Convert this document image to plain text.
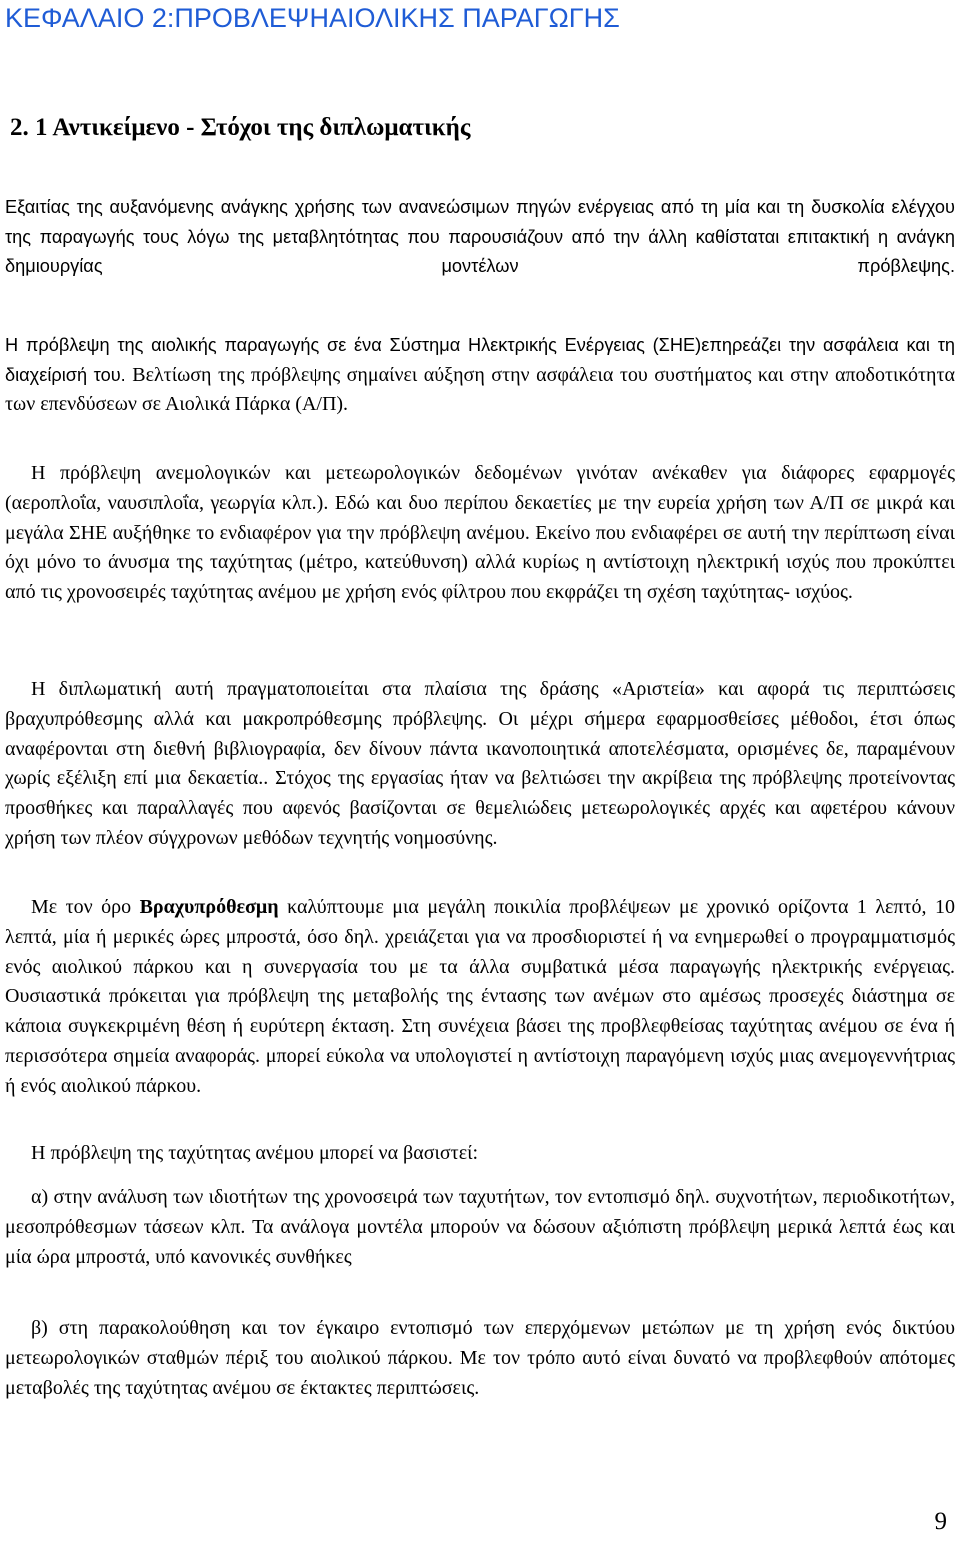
ΚΕΦΑΛΑΙΟ 2:ΠΡΟΒΛΕΨΗΑΙΟΛΙΚΗΣ ΠΑΡΑΓΩΓΗΣ
2. 1 Αντικείμενο - Στόχοι της διπλωματικής

Εξαιτίας της αυξανόμενης ανάγκης χρήσης των ανανεώσιμων πηγών ενέργειας από τη μία και τη δυσκολία ελέγχου της παραγωγής τους λόγω της μεταβλητότητας που παρουσιάζουν από την άλλη καθίσταται επιτακτική η ανάγκη δημιουργίας μοντέλων πρόβλεψης.

Η πρόβλεψη της αιολικής παραγωγής σε ένα Σύστημα Ηλεκτρικής Ενέργειας (ΣΗΕ)επηρεάζει την ασφάλεια και τη διαχείρισή του. Βελτίωση της πρόβλεψης σημαίνει αύξηση στην ασφάλεια του συστήματος και στην αποδοτικότητα των επενδύσεων σε Αιολικά Πάρκα (Α/Π).

Η πρόβλεψη ανεμολογικών και μετεωρολογικών δεδομένων γινόταν ανέκαθεν για διάφορες εφαρμογές (αεροπλοΐα, ναυσιπλοΐα, γεωργία κλπ.). Εδώ και δυο περίπου δεκαετίες με την ευρεία χρήση των Α/Π σε μικρά και μεγάλα ΣΗΕ αυξήθηκε το ενδιαφέρον για την πρόβλεψη ανέμου. Εκείνο που ενδιαφέρει σε αυτή την περίπτωση είναι όχι μόνο το άνυσμα της ταχύτητας (μέτρο, κατεύθυνση) αλλά κυρίως η αντίστοιχη ηλεκτρική ισχύς που προκύπτει από τις χρονοσειρές ταχύτητας ανέμου με χρήση ενός φίλτρου που εκφράζει τη σχέση ταχύτητας- ισχύος.

Η διπλωματική αυτή πραγματοποιείται στα πλαίσια της δράσης «Αριστεία» και αφορά τις περιπτώσεις βραχυπρόθεσμης αλλά και μακροπρόθεσμης πρόβλεψης. Οι μέχρι σήμερα εφαρμοσθείσες μέθοδοι, έτσι όπως αναφέρονται στη διεθνή βιβλιογραφία, δεν δίνουν πάντα ικανοποιητικά αποτελέσματα, ορισμένες δε, παραμένουν χωρίς εξέλιξη επί μια δεκαετία.. Στόχος της εργασίας ήταν να βελτιώσει την ακρίβεια της πρόβλεψης προτείνοντας προσθήκες και παραλλαγές που αφενός βασίζονται σε θεμελιώδεις μετεωρολογικές αρχές και αφετέρου κάνουν χρήση των πλέον σύγχρονων μεθόδων τεχνητής νοημοσύνης.

Με τον όρο Βραχυπρόθεσμη καλύπτουμε μια μεγάλη ποικιλία προβλέψεων με χρονικό ορίζοντα 1 λεπτό, 10 λεπτά, μία ή μερικές ώρες μπροστά, όσο δηλ. χρειάζεται για να προσδιοριστεί ή να ενημερωθεί ο προγραμματισμός ενός αιολικού πάρκου και η συνεργασία του με τα άλλα συμβατικά μέσα παραγωγής ηλεκτρικής ενέργειας. Ουσιαστικά πρόκειται για πρόβλεψη της μεταβολής της έντασης των ανέμων στο αμέσως προσεχές διάστημα σε κάποια συγκεκριμένη θέση ή ευρύτερη έκταση. Στη συνέχεια βάσει της προβλεφθείσας ταχύτητας ανέμου σε ένα ή περισσότερα σημεία αναφοράς. μπορεί εύκολα να υπολογιστεί η αντίστοιχη παραγόμενη ισχύς μιας ανεμογεννήτριας ή ενός αιολικού πάρκου.

Η πρόβλεψη της ταχύτητας ανέμου μπορεί να βασιστεί:

α) στην ανάλυση των ιδιοτήτων της χρονοσειρά των ταχυτήτων, τον εντοπισμό δηλ. συχνοτήτων, περιοδικοτήτων, μεσοπρόθεσμων τάσεων κλπ. Τα ανάλογα μοντέλα μπορούν να δώσουν αξιόπιστη πρόβλεψη μερικά λεπτά έως και μία ώρα μπροστά, υπό κανονικές συνθήκες

β) στη παρακολούθηση και τον έγκαιρο εντοπισμό των επερχόμενων μετώπων με τη χρήση ενός δικτύου μετεωρολογικών σταθμών πέριξ του αιολικού πάρκου. Με τον τρόπο αυτό είναι δυνατό να προβλεφθούν απότομες μεταβολές της ταχύτητας ανέμου σε έκτακτες περιπτώσεις.

9
